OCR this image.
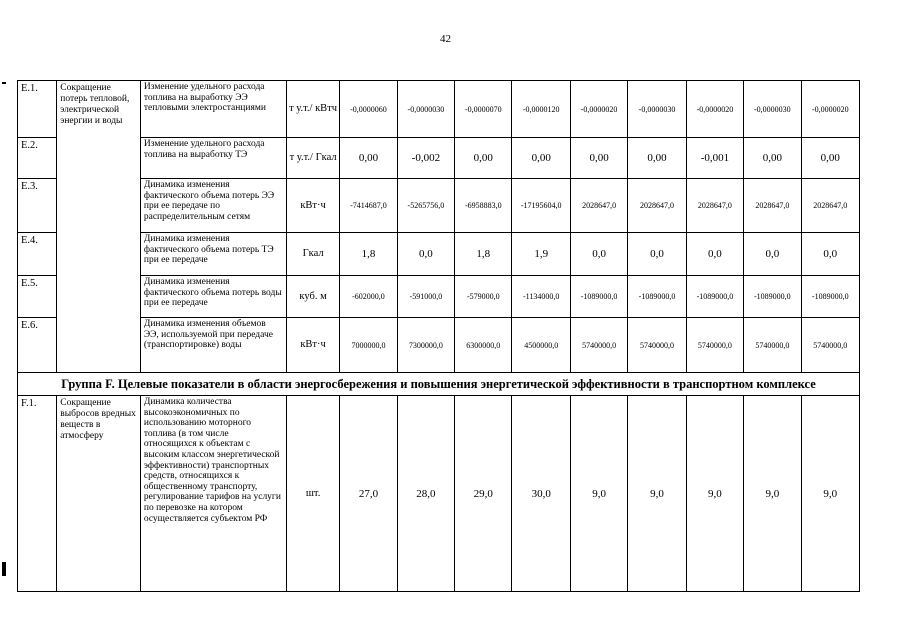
42
E.1.	Сокращение потерь тепловой, электрической энергии и воды	Изменение удельного расхода топлива на выработку ЭЭ тепловыми электростанциями	т у.т./ кВтч	-0,0000060	-0,0000030	-0,0000070	-0,0000120	-0,0000020	-0,0000030	-0,0000020	-0,0000030	-0,0000020
E.2.		Изменение удельного расхода топлива на выработку ТЭ	т у.т./ Гкал	0,00	-0,002	0,00	0,00	0,00	0,00	-0,001	0,00	0,00
E.3.		Динамика изменения фактического объема потерь ЭЭ при ее передаче по распределительным сетям	кВт·ч	-7414687,0	-5265756,0	-6958883,0	-17195604,0	2028647,0	2028647,0	2028647,0	2028647,0	2028647,0
E.4.		Динамика изменения фактического объема потерь ТЭ при ее передаче	Гкал	1,8	0,0	1,8	1,9	0,0	0,0	0,0	0,0	0,0
E.5.		Динамика изменения фактического объема потерь воды при ее передаче	куб. м	-602000,0	-591000,0	-579000,0	-1134000,0	-1089000,0	-1089000,0	-1089000,0	-1089000,0	-1089000,0
E.6.		Динамика изменения объемов ЭЭ, используемой при передаче (транспортировке) воды	кВт·ч	7000000,0	7300000,0	6300000,0	4500000,0	5740000,0	5740000,0	5740000,0	5740000,0	5740000,0
Группа F. Целевые показатели в области энергосбережения и повышения энергетической эффективности в транспортном комплексе												
F.1.	Сокращение выбросов вредных веществ в атмосферу	Динамика количества высокоэкономичных по использованию моторного топлива (в том числе относящихся к объектам с высоким классом энергетической эффективности) транспортных средств, относящихся к общественному транспорту, регулирование тарифов на услуги по перевозке на котором осуществляется субъектом РФ	шт.	27,0	28,0	29,0	30,0	9,0	9,0	9,0	9,0	9,0
